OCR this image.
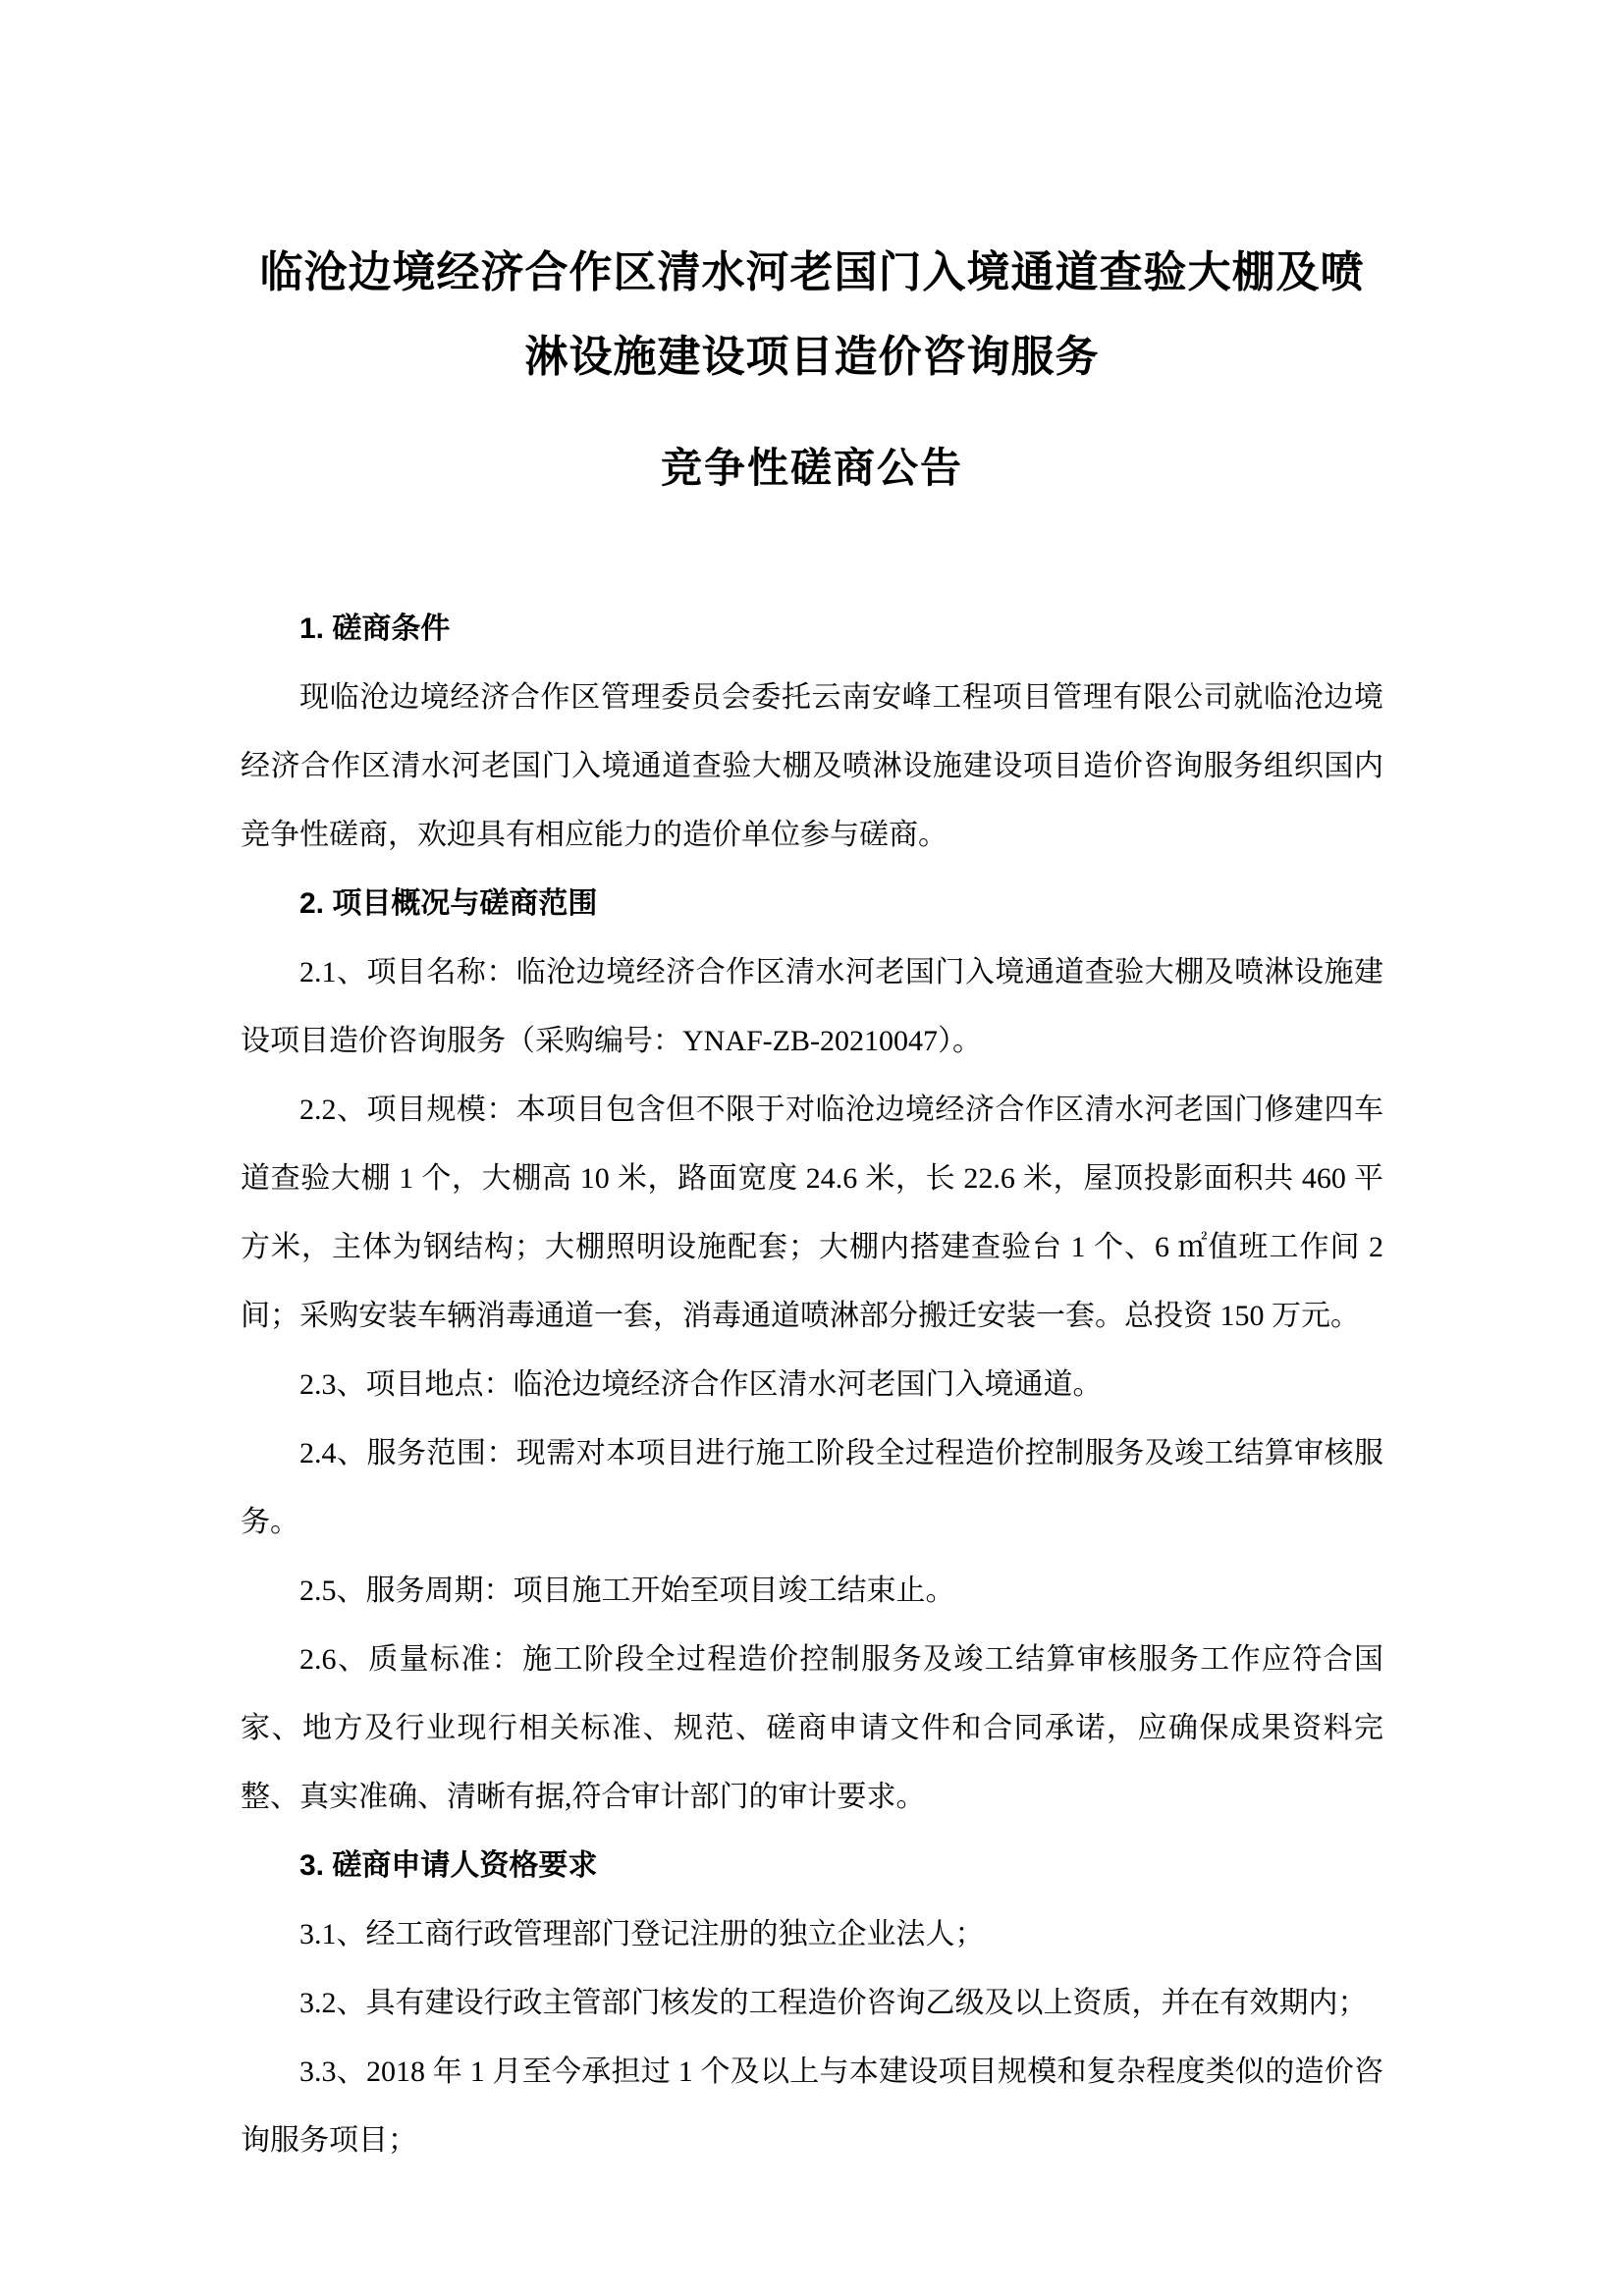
临沧边境经济合作区清水河老国门入境通道查验大棚及喷
淋设施建设项目造价咨询服务
竞争性磋商公告

1. 磋商条件

现临沧边境经济合作区管理委员会委托云南安峰工程项目管理有限公司就临沧边境经济合作区清水河老国门入境通道查验大棚及喷淋设施建设项目造价咨询服务组织国内竞争性磋商，欢迎具有相应能力的造价单位参与磋商。

2. 项目概况与磋商范围

2.1、项目名称：临沧边境经济合作区清水河老国门入境通道查验大棚及喷淋设施建设项目造价咨询服务（采购编号：YNAF-ZB-20210047）。

2.2、项目规模：本项目包含但不限于对临沧边境经济合作区清水河老国门修建四车道查验大棚 1 个，大棚高 10 米，路面宽度 24.6 米，长 22.6 米，屋顶投影面积共 460 平方米，主体为钢结构；大棚照明设施配套；大棚内搭建查验台 1 个、6 ㎡值班工作间 2 间；采购安装车辆消毒通道一套，消毒通道喷淋部分搬迁安装一套。总投资 150 万元。

2.3、项目地点：临沧边境经济合作区清水河老国门入境通道。

2.4、服务范围：现需对本项目进行施工阶段全过程造价控制服务及竣工结算审核服务。

2.5、服务周期：项目施工开始至项目竣工结束止。

2.6、质量标准：施工阶段全过程造价控制服务及竣工结算审核服务工作应符合国家、地方及行业现行相关标准、规范、磋商申请文件和合同承诺，应确保成果资料完整、真实准确、清晰有据,符合审计部门的审计要求。

3. 磋商申请人资格要求

3.1、经工商行政管理部门登记注册的独立企业法人；

3.2、具有建设行政主管部门核发的工程造价咨询乙级及以上资质，并在有效期内；

3.3、2018 年 1 月至今承担过 1 个及以上与本建设项目规模和复杂程度类似的造价咨询服务项目；
